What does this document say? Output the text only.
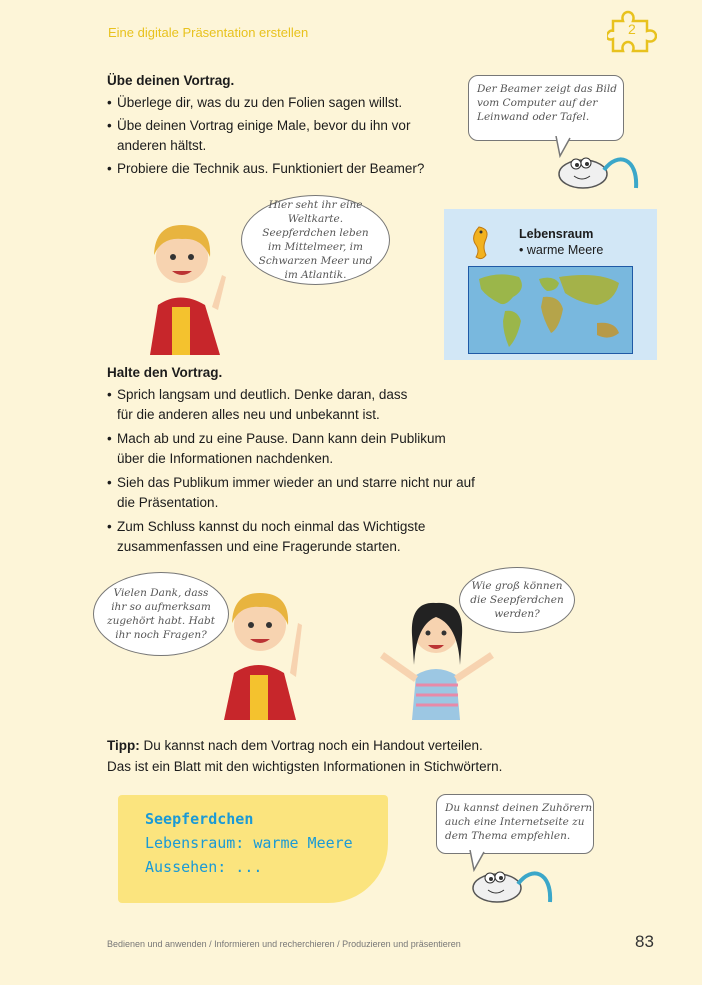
Eine digitale Präsentation erstellen	2
Übe deinen Vortrag.
• Überlege dir, was du zu den Folien sagen willst.
• Übe deinen Vortrag einige Male, bevor du ihn vor anderen hältst.
• Probiere die Technik aus. Funktioniert der Beamer?
Der Beamer zeigt das Bild vom Computer auf der Leinwand oder Tafel.
Hier seht ihr eine Weltkarte. Seepferdchen leben im Mittelmeer, im Schwarzen Meer und im Atlantik.
Lebensraum
• warme Meere
Halte den Vortrag.
• Sprich langsam und deutlich. Denke daran, dass für die anderen alles neu und unbekannt ist.
• Mach ab und zu eine Pause. Dann kann dein Publikum über die Informationen nachdenken.
• Sieh das Publikum immer wieder an und starre nicht nur auf die Präsentation.
• Zum Schluss kannst du noch einmal das Wichtigste zusammenfassen und eine Fragerunde starten.
Vielen Dank, dass ihr so aufmerksam zugehört habt. Habt ihr noch Fragen?
Wie groß können die Seepferdchen werden?
Tipp: Du kannst nach dem Vortrag noch ein Handout verteilen.
Das ist ein Blatt mit den wichtigsten Informationen in Stichwörtern.
Seepferdchen
Lebensraum: warme Meere
Aussehen: ...
Du kannst deinen Zuhörern auch eine Internetseite zu dem Thema empfehlen.
Bedienen und anwenden / Informieren und recherchieren / Produzieren und präsentieren	83
